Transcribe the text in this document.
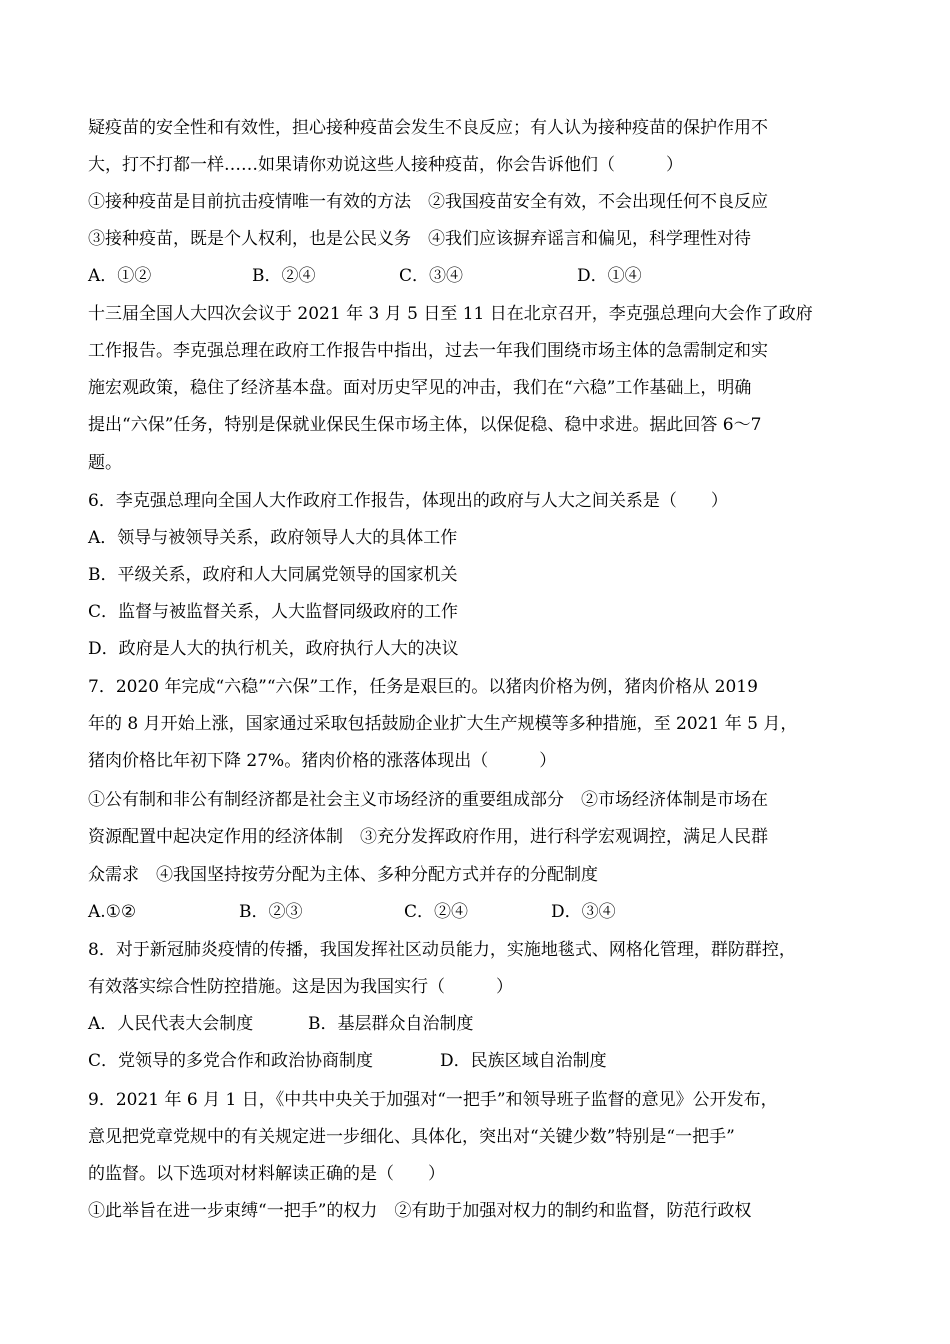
疑疫苗的安全性和有效性，担心接种疫苗会发生不良反应；有人认为接种疫苗的保护作用不
大，打不打都一样……如果请你劝说这些人接种疫苗，你会告诉他们（　　　）
①接种疫苗是目前抗击疫情唯一有效的方法　②我国疫苗安全有效，不会出现任何不良反应
③接种疫苗，既是个人权利，也是公民义务　④我们应该摒弃谣言和偏见，科学理性对待
A．①②	B．②④	C．③④	D．①④
十三届全国人大四次会议于 2021 年 3 月 5 日至 11 日在北京召开，李克强总理向大会作了政府
工作报告。李克强总理在政府工作报告中指出，过去一年我们围绕市场主体的急需制定和实
施宏观政策，稳住了经济基本盘。面对历史罕见的冲击，我们在“六稳”工作基础上，明确
提出“六保”任务，特别是保就业保民生保市场主体，以保促稳、稳中求进。据此回答 6～7
题。
6．李克强总理向全国人大作政府工作报告，体现出的政府与人大之间关系是（　　）
A．领导与被领导关系，政府领导人大的具体工作
B．平级关系，政府和人大同属党领导的国家机关
C．监督与被监督关系，人大监督同级政府的工作
D．政府是人大的执行机关，政府执行人大的决议
7．2020 年完成“六稳”“六保”工作，任务是艰巨的。以猪肉价格为例，猪肉价格从 2019
年的 8 月开始上涨，国家通过采取包括鼓励企业扩大生产规模等多种措施，至 2021 年 5 月，
猪肉价格比年初下降 27%。猪肉价格的涨落体现出（　　　）
①公有制和非公有制经济都是社会主义市场经济的重要组成部分　②市场经济体制是市场在
资源配置中起决定作用的经济体制　③充分发挥政府作用，进行科学宏观调控，满足人民群
众需求　④我国坚持按劳分配为主体、多种分配方式并存的分配制度
A.①②	B．②③	C．②④	D．③④
8．对于新冠肺炎疫情的传播，我国发挥社区动员能力，实施地毯式、网格化管理，群防群控，
有效落实综合性防控措施。这是因为我国实行（　　　）
A．人民代表大会制度	B．基层群众自治制度
C．党领导的多党合作和政治协商制度	D．民族区域自治制度
9．2021 年 6 月 1 日，《中共中央关于加强对“一把手”和领导班子监督的意见》公开发布，
意见把党章党规中的有关规定进一步细化、具体化，突出对“关键少数”特别是“一把手”
的监督。以下选项对材料解读正确的是（　　）
①此举旨在进一步束缚“一把手”的权力　②有助于加强对权力的制约和监督，防范行政权
